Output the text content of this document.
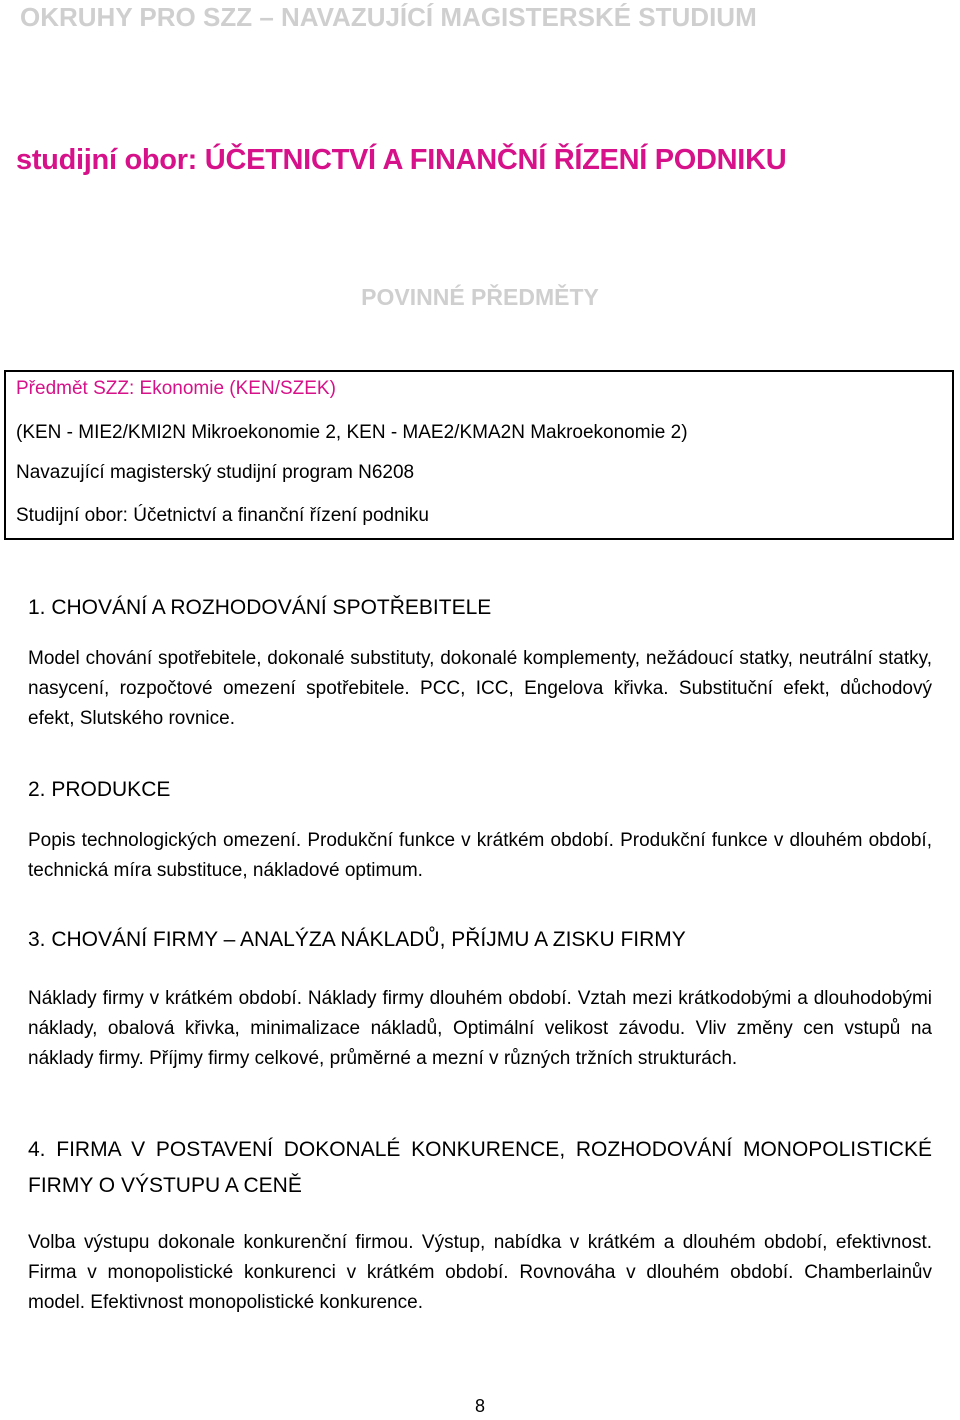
OKRUHY PRO SZZ – NAVAZUJÍCÍ MAGISTERSKÉ STUDIUM
studijní obor: ÚČETNICTVÍ A FINANČNÍ ŘÍZENÍ PODNIKU
POVINNÉ PŘEDMĚTY
Předmět SZZ: Ekonomie (KEN/SZEK)
(KEN - MIE2/KMI2N Mikroekonomie 2, KEN - MAE2/KMA2N Makroekonomie 2)
Navazující magisterský studijní program N6208
Studijní obor: Účetnictví a finanční řízení podniku

1. CHOVÁNÍ A ROZHODOVÁNÍ SPOTŘEBITELE

Model chování spotřebitele, dokonalé substituty, dokonalé komplementy, nežádoucí statky, neutrální statky, nasycení, rozpočtové omezení spotřebitele. PCC, ICC, Engelova křivka. Substituční efekt, důchodový efekt, Slutského rovnice.

2. PRODUKCE

Popis technologických omezení. Produkční funkce v krátkém období. Produkční funkce v dlouhém období, technická míra substituce, nákladové optimum.

3. CHOVÁNÍ FIRMY – ANALÝZA NÁKLADŮ, PŘÍJMU A ZISKU FIRMY

Náklady firmy v krátkém období. Náklady firmy dlouhém období. Vztah mezi krátkodobými a dlouhodobými náklady, obalová křivka, minimalizace nákladů, Optimální velikost závodu. Vliv změny cen vstupů na náklady firmy. Příjmy firmy celkové, průměrné a mezní v různých tržních strukturách.

4. FIRMA V POSTAVENÍ DOKONALÉ KONKURENCE, ROZHODOVÁNÍ MONOPOLISTICKÉ FIRMY O VÝSTUPU A CENĚ

Volba výstupu dokonale konkurenční firmou. Výstup, nabídka v krátkém a dlouhém období, efektivnost. Firma v monopolistické konkurenci v krátkém období. Rovnováha v dlouhém období. Chamberlainův model. Efektivnost monopolistické konkurence.

8
